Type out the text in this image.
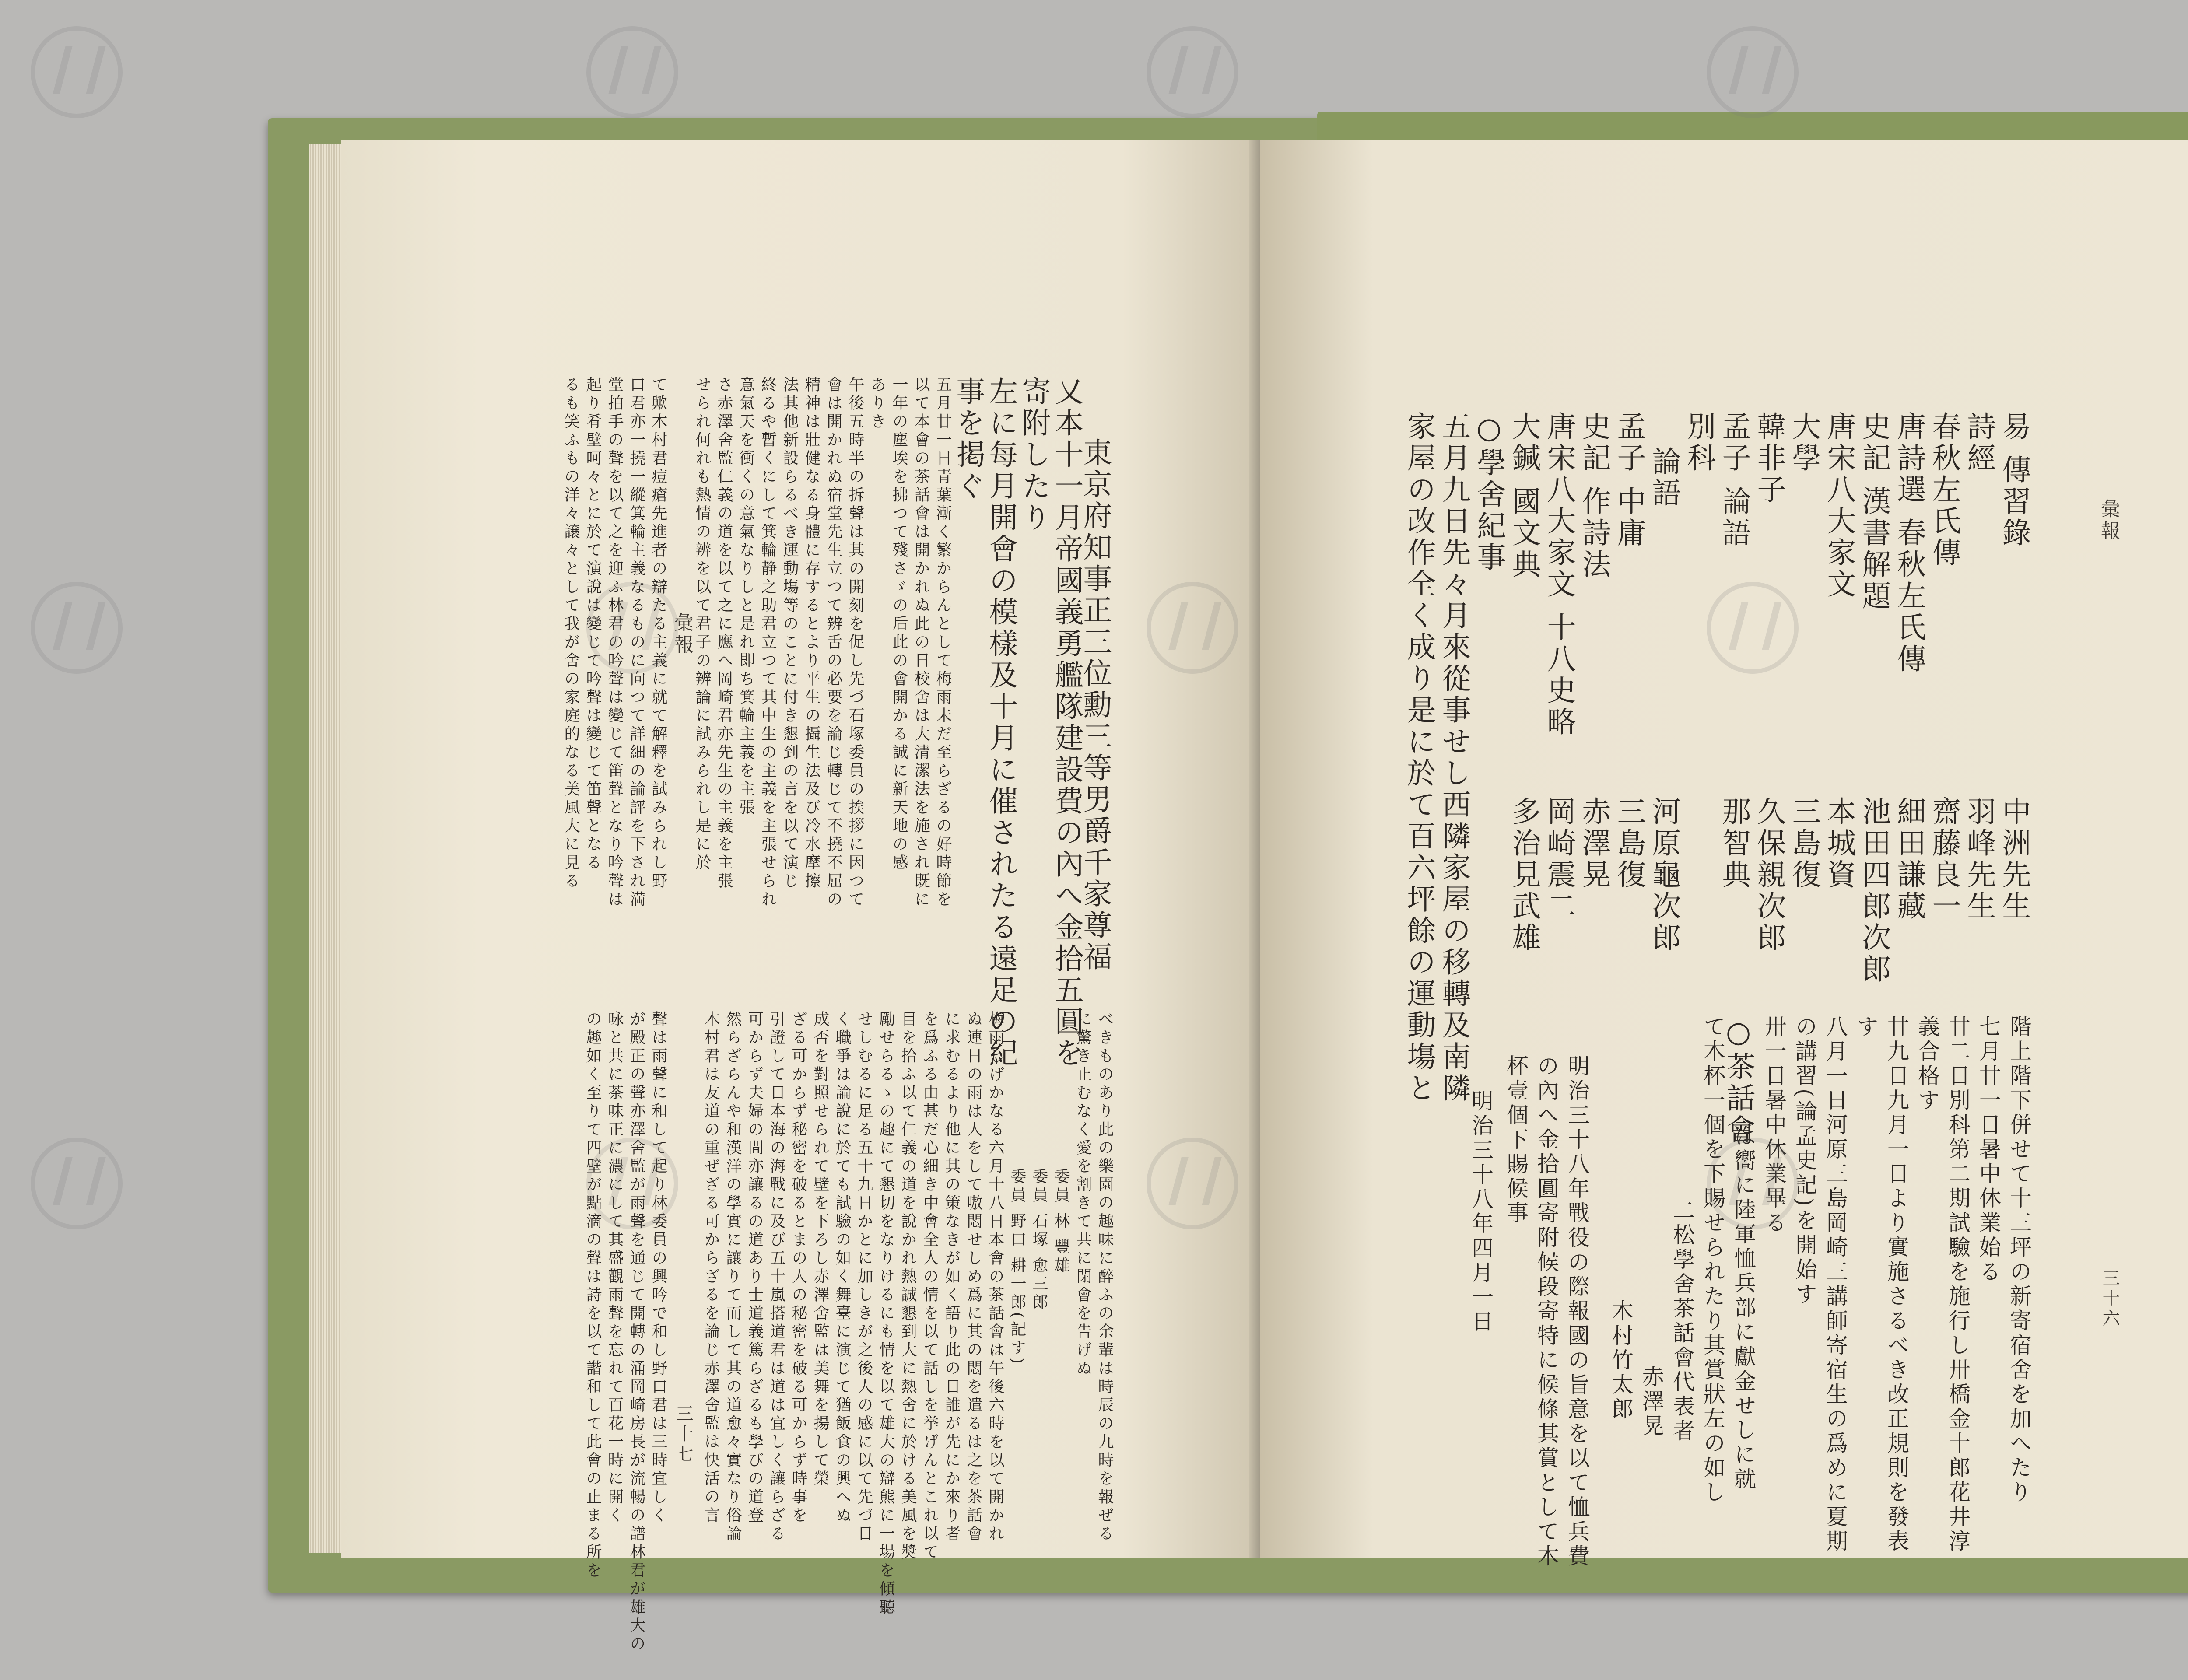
彙報
三十七
東京府知事正三位勳三等男爵千家尊福
又本十一月帝國義勇艦隊建設費の內へ金拾五圓を
寄附したり
左に每月開會の模樣及十月に催されたる遠足の紀
事を掲ぐ
五月廿一日青葉漸く繁からんとして梅雨未だ至らざるの好時節を
以て本會の茶話會は開かれぬ此の日校舍は大清潔法を施され既に
一年の塵埃を拂つて殘さゞの后此の會開かる誠に新天地の感
ありき
午後五時半の拆聲は其の開刻を促し先づ石塚委員の挨拶に因つて
會は開かれぬ宿堂先生立つて辨舌の必要を論じ轉じて不撓不屈の
精神は壯健なる身體に存するとより平生の攝生法及び冷水摩擦
法其他新設らるべき運動塲等のことに付き懇到の言を以て演じ
終るや暫くにして箕輪静之助君立つて其中生の主義を主張せられ
意氣天を衝くの意氣なりしと是れ即ち箕輪主義を主張
さ赤澤舍監仁義の道を以て之に應へ岡崎君亦先生の主義を主張
せられ何れも熱情の辨を以て君子の辨論に試みられし是に於
て歟木村君痘瘡先進者の辯たる主義に就て解釋を試みられし野
口君亦一撓一縱箕輪主義なるものに向つて詳細の論評を下され満
堂拍手の聲を以て之を迎ふ林君の吟聲は變じて笛聲となり吟聲は
起り肴壁呵々とに於て演說は變じて吟聲は變じて笛聲となる
るも笑ふもの洋々譲々として我が舍の家庭的なる美風大に見る
べきものあり此の樂園の趣味に醉ふの余輩は時辰の九時を報ぜる
に驚き止むなく愛を割きて共に閉會を告げぬ
委員 林 豐雄
委員 石塚 愈三郎
委員 野口 耕一郎(記す)
梅雨しげかなる六月十八日本會の茶話會は午後六時を以て開かれ
ぬ連日の雨は人をして嗷悶せしめ爲に其の悶を遣るは之を茶話會
に求むるより他に其の策なきが如く語り此の日誰が先にか來り者
を爲ふる由甚だ心細き中會全人の情を以て話しを挙げんとこれ以て
目を拾ふ以て仁義の道を說かれ熱誠懇到大に熱舍に於ける美風を奬
勵せらるゝの趣にて懇切をなりけるにも情を以て雄大の辯熊に一場を傾聽
せしむるに足る五十九日かとに加しきが之後人の感に以て先づ日
く職爭は論說に於ても試驗の如く舞臺に演じて猶飯食の興へぬ
成否を對照せられて壁を下ろし赤澤舍監は美舞を揚して榮
ざる可からず秘密を破るとまの人の秘密を破る可からず時事を
引證して日本海の海戰に及び五十嵐搭道君は道は宜しく讓らざる
可からず夫婦の間亦讓るの道あり士道義篤らざるも學びの道登
然らざらんや和漢洋の學實に讓りて而して其の道愈々實なり俗論
木村君は友道の重ぜざる可からざるを論じ赤澤舍監は快活の言
聲は雨聲に和して起り林委員の興吟で和し野口君は三時宜しく
が殿正の聲亦澤舍監が雨聲を通じて開轉の涌岡崎房長が流暢の譜林君が雄大の
咏と共に茶味正に濃にして其盛觀雨聲を忘れて百花一時に開く
の趣如く至りて四壁が點滴の聲は詩を以て諧和して此會の止まる所を
彙報
三十六
易 傳習錄
詩經
春秋左氏傳
唐詩選 春秋左氏傳
史記 漢書解題
唐宋八大家文
大學
韓非子
孟子 論語
別科
論語
孟子 中庸
史記 作詩法
唐宋八大家文 十八史略
大鍼 國文典
中洲先生
羽峰先生
齋藤良一
細田謙藏
池田四郎次郎
本城資
三島復
久保親次郎
那智典
河原龜次郎
三島復
赤澤晃
岡崎震二
多治見武雄
○學舍紀事
五月九日先々月來從事せし西隣家屋の移轉及南隣
家屋の改作全く成り是に於て百六坪餘の運動塲と
階上階下併せて十三坪の新寄宿舍を加へたり
七月廿一日暑中休業始る
廿二日別科第二期試驗を施行し卅橋金十郎花井淳
義合格す
廿九日九月一日より實施さるべき改正規則を發表
す
八月一日河原三島岡崎三講師寄宿生の爲めに夏期
の講習(論孟史記)を開始す
卅一日暑中休業畢る
○茶話會
は嚮に陸軍恤兵部に獻金せしに就
て木杯一個を下賜せられたり其賞狀左の如し
二松學舍茶話會代表者
赤澤晃
木村竹太郎
明治三十八年戰役の際報國の旨意を以て恤兵費
の內へ金拾圓寄附候段寄特に候條其賞として木
杯壹個下賜候事
明治三十八年四月一日
